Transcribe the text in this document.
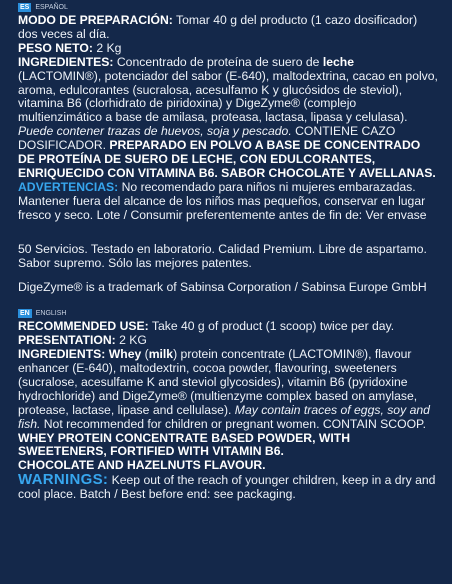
ES ESPAÑOL

MODO DE PREPARACIÓN: Tomar 40 g del producto (1 cazo dosificador) dos veces al día.

PESO NETO: 2 Kg

INGREDIENTES: Concentrado de proteína de suero de leche (LACTOMIN®), potenciador del sabor (E-640), maltodextrina, cacao en polvo, aroma, edulcorantes (sucralosa, acesulfamo K y glucósidos de steviol), vitamina B6 (clorhidrato de piridoxina) y DigeZyme® (complejo multienzimático a base de amilasa, proteasa, lactasa, lipasa y celulasa). Puede contener trazas de huevos, soja y pescado. CONTIENE CAZO DOSIFICADOR. PREPARADO EN POLVO A BASE DE CONCENTRADO DE PROTEÍNA DE SUERO DE LECHE, CON EDULCORANTES, ENRIQUECIDO CON VITAMINA B6. SABOR CHOCOLATE Y AVELLANAS.

ADVERTENCIAS: No recomendado para niños ni mujeres embarazadas. Mantener fuera del alcance de los niños mas pequeños, conservar en lugar fresco y seco. Lote / Consumir preferentemente antes de fin de: Ver envase

50 Servicios. Testado en laboratorio. Calidad Premium. Libre de aspartamo. Sabor supremo. Sólo las mejores patentes.

DigeZyme® is a trademark of Sabinsa Corporation / Sabinsa Europe GmbH

EN ENGLISH

RECOMMENDED USE: Take 40 g of product (1 scoop) twice per day.

PRESENTATION: 2 KG

INGREDIENTS: Whey (milk) protein concentrate (LACTOMIN®), flavour enhancer (E-640), maltodextrin, cocoa powder, flavouring, sweeteners (sucralose, acesulfame K and steviol glycosides), vitamin B6 (pyridoxine hydrochloride) and DigeZyme® (multienzyme complex based on amylase, protease, lactase, lipase and cellulase). May contain traces of eggs, soy and fish. Not recommended for children or pregnant women. CONTAIN SCOOP.

WHEY PROTEIN CONCENTRATE BASED POWDER, WITH SWEETENERS, FORTIFIED WITH VITAMIN B6.

CHOCOLATE AND HAZELNUTS FLAVOUR.

WARNINGS: Keep out of the reach of younger children, keep in a dry and cool place. Batch / Best before end: see packaging.
